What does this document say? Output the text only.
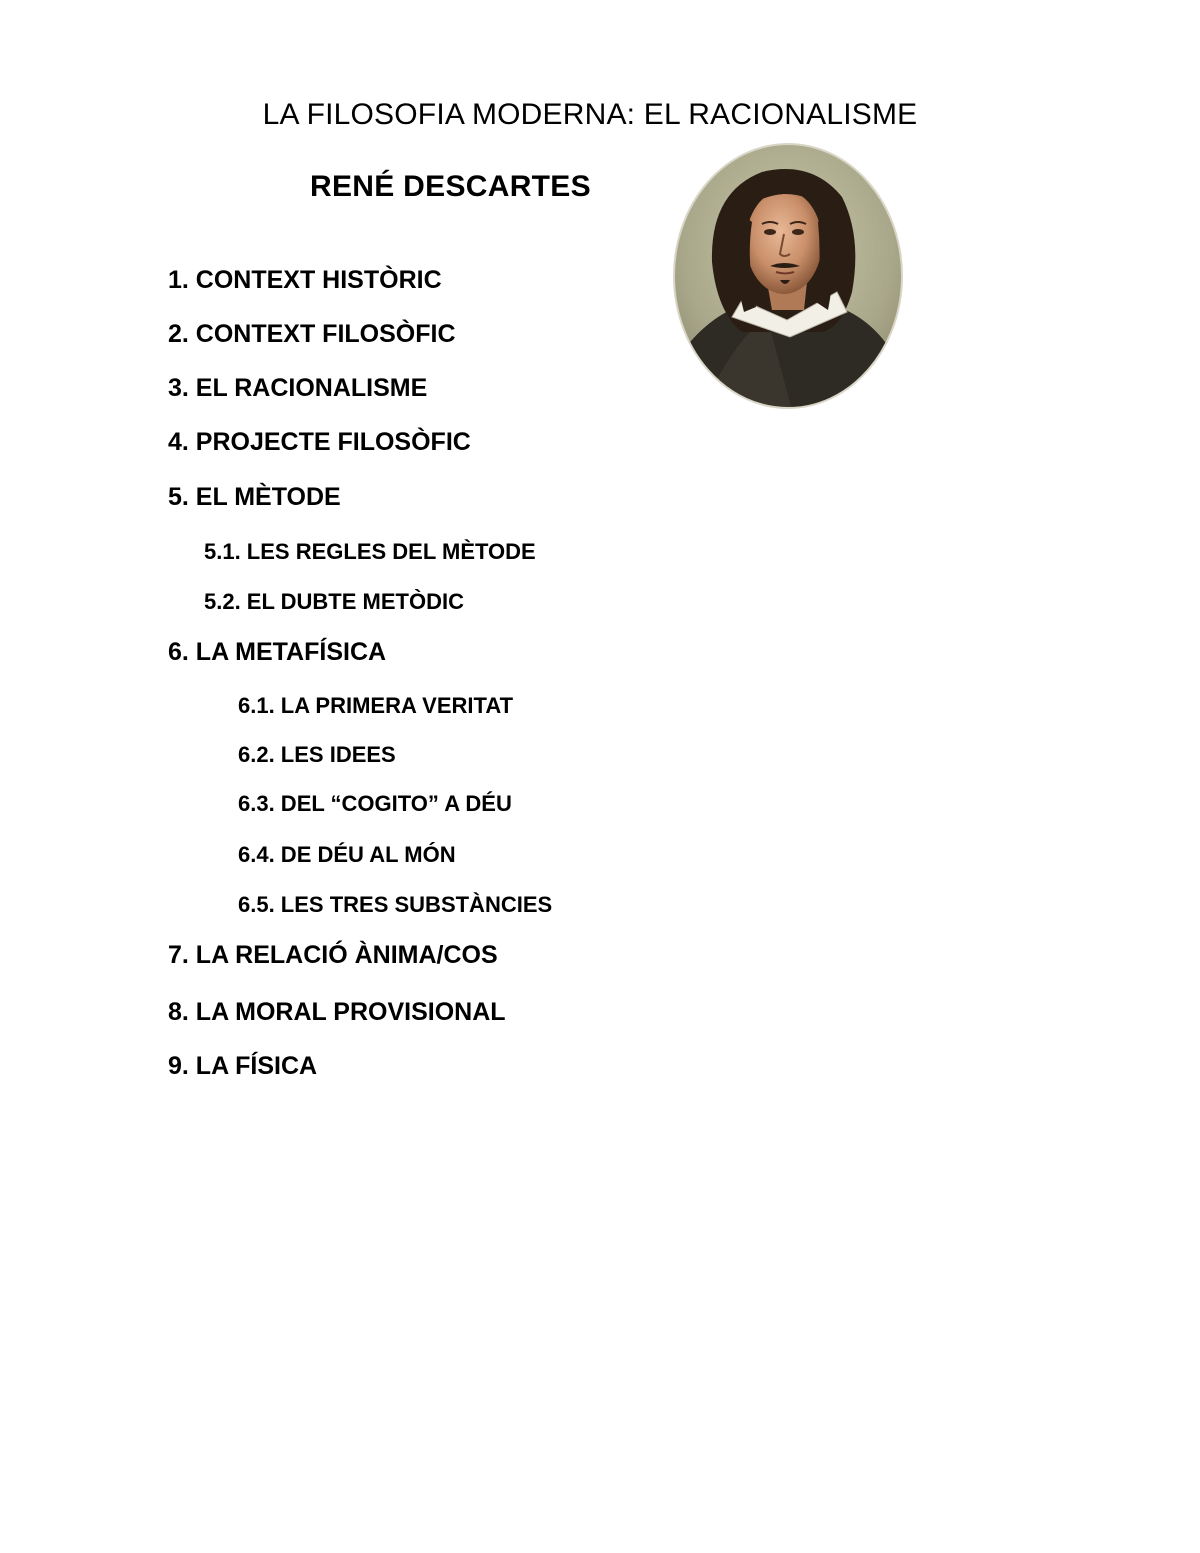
LA FILOSOFIA MODERNA: EL RACIONALISME
RENÉ DESCARTES

1. CONTEXT HISTÒRIC

2. CONTEXT FILOSÒFIC

3. EL RACIONALISME

4. PROJECTE FILOSÒFIC

5. EL MÈTODE

5.1. LES REGLES DEL MÈTODE

5.2. EL DUBTE METÒDIC

6. LA METAFÍSICA

6.1. LA PRIMERA VERITAT

6.2. LES IDEES

6.3. DEL “COGITO” A DÉU

6.4. DE DÉU AL MÓN

6.5. LES TRES SUBSTÀNCIES

7. LA RELACIÓ ÀNIMA/COS

8. LA MORAL PROVISIONAL

9. LA FÍSICA
